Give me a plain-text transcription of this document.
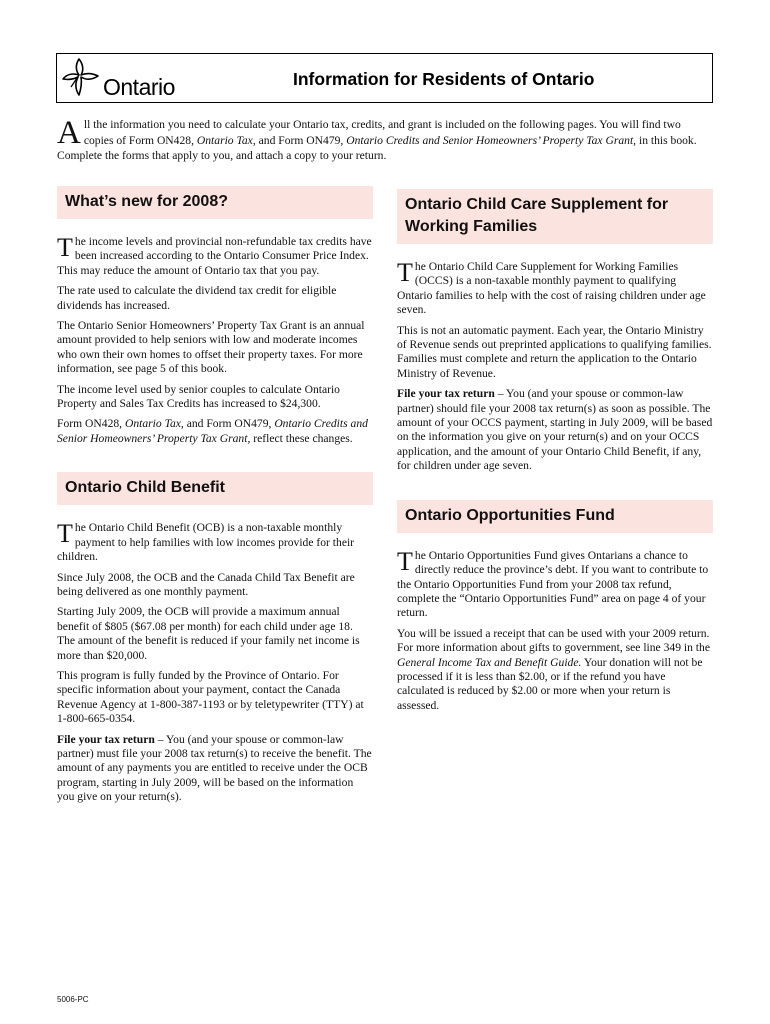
Ontario	Information for Residents of Ontario
All the information you need to calculate your Ontario tax, credits, and grant is included on the following pages. You will find two copies of Form ON428, Ontario Tax, and Form ON479, Ontario Credits and Senior Homeowners’ Property Tax Grant, in this book. Complete the forms that apply to you, and attach a copy to your return.
What’s new for 2008?

The income levels and provincial non-refundable tax credits have been increased according to the Ontario Consumer Price Index. This may reduce the amount of Ontario tax that you pay.

The rate used to calculate the dividend tax credit for eligible dividends has increased.

The Ontario Senior Homeowners’ Property Tax Grant is an annual amount provided to help seniors with low and moderate incomes who own their own homes to offset their property taxes. For more information, see page 5 of this book.

The income level used by senior couples to calculate Ontario Property and Sales Tax Credits has increased to $24,300.

Form ON428, Ontario Tax, and Form ON479, Ontario Credits and Senior Homeowners’ Property Tax Grant, reflect these changes.

Ontario Child Benefit

The Ontario Child Benefit (OCB) is a non-taxable monthly payment to help families with low incomes provide for their children.

Since July 2008, the OCB and the Canada Child Tax Benefit are being delivered as one monthly payment.

Starting July 2009, the OCB will provide a maximum annual benefit of $805 ($67.08 per month) for each child under age 18. The amount of the benefit is reduced if your family net income is more than $20,000.

This program is fully funded by the Province of Ontario. For specific information about your payment, contact the Canada Revenue Agency at 1-800-387-1193 or by teletypewriter (TTY) at 1-800-665-0354.

File your tax return – You (and your spouse or common-law partner) must file your 2008 tax return(s) to receive the benefit. The amount of any payments you are entitled to receive under the OCB program, starting in July 2009, will be based on the information you give on your return(s).

Ontario Child Care Supplement for Working Families

The Ontario Child Care Supplement for Working Families (OCCS) is a non-taxable monthly payment to qualifying Ontario families to help with the cost of raising children under age seven.

This is not an automatic payment. Each year, the Ontario Ministry of Revenue sends out preprinted applications to qualifying families. Families must complete and return the application to the Ontario Ministry of Revenue.

File your tax return – You (and your spouse or common-law partner) should file your 2008 tax return(s) as soon as possible. The amount of your OCCS payment, starting in July 2009, will be based on the information you give on your return(s) and on your OCCS application, and the amount of your Ontario Child Benefit, if any, for children under age seven.

Ontario Opportunities Fund

The Ontario Opportunities Fund gives Ontarians a chance to directly reduce the province’s debt. If you want to contribute to the Ontario Opportunities Fund from your 2008 tax refund, complete the “Ontario Opportunities Fund” area on page 4 of your return.

You will be issued a receipt that can be used with your 2009 return. For more information about gifts to government, see line 349 in the General Income Tax and Benefit Guide. Your donation will not be processed if it is less than $2.00, or if the refund you have calculated is reduced by $2.00 or more when your return is assessed.

5006-PC
